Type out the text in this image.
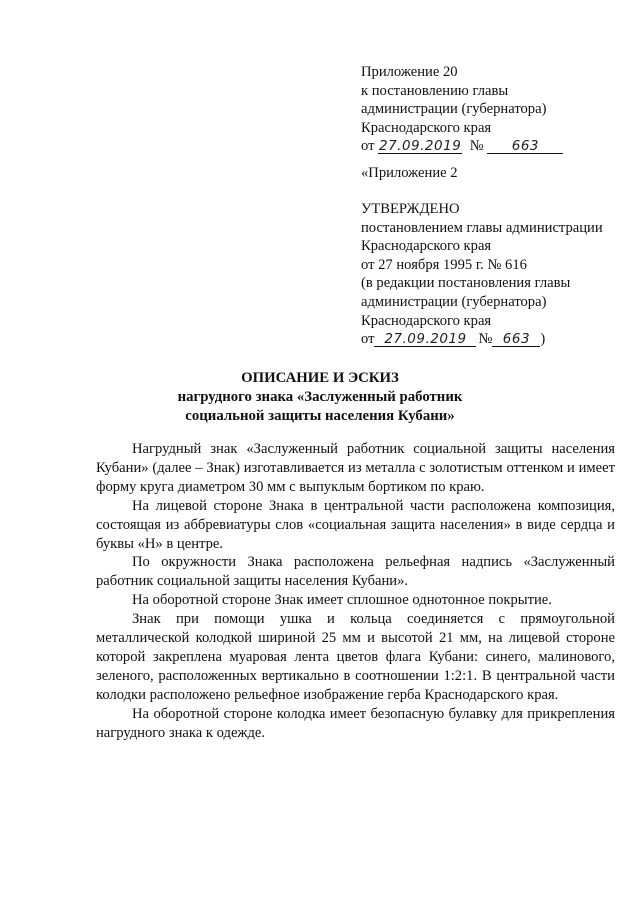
Приложение 20
к постановлению главы
администрации (губернатора)
Краснодарского края
от 27.09.2019 № 663
«Приложение 2
УТВЕРЖДЕНО
постановлением главы администрации
Краснодарского края
от 27 ноября 1995 г. № 616
(в редакции постановления главы
администрации (губернатора)
Краснодарского края
от 27.09.2019 № 663 )
ОПИСАНИЕ И ЭСКИЗ
нагрудного знака «Заслуженный работник
социальной защиты населения Кубани»

Нагрудный знак «Заслуженный работник социальной защиты населения Кубани» (далее – Знак) изготавливается из металла с золотистым оттенком и имеет форму круга диаметром 30 мм с выпуклым бортиком по краю.

На лицевой стороне Знака в центральной части расположена композиция, состоящая из аббревиатуры слов «социальная защита населения» в виде сердца и буквы «Н» в центре.

По окружности Знака расположена рельефная надпись «Заслуженный работник социальной защиты населения Кубани».

На оборотной стороне Знак имеет сплошное однотонное покрытие.

Знак при помощи ушка и кольца соединяется с прямоугольной металлической колодкой шириной 25 мм и высотой 21 мм, на лицевой стороне которой закреплена муаровая лента цветов флага Кубани: синего, малинового, зеленого, расположенных вертикально в соотношении 1:2:1. В центральной части колодки расположено рельефное изображение герба Краснодарского края.

На оборотной стороне колодка имеет безопасную булавку для прикрепления нагрудного знака к одежде.
